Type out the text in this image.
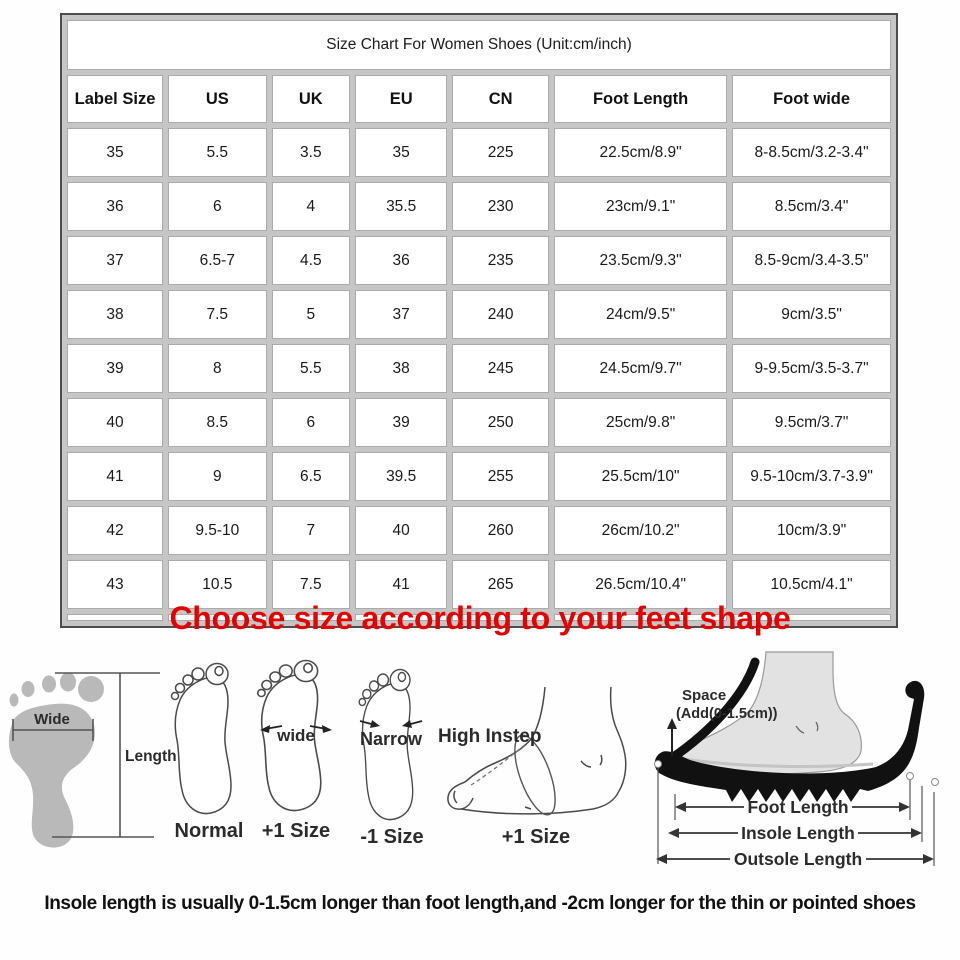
Size Chart For Women Shoes (Unit:cm/inch)						
Label Size	US	UK	EU	CN	Foot Length	Foot wide
35	5.5	3.5	35	225	22.5cm/8.9"	8-8.5cm/3.2-3.4"
36	6	4	35.5	230	23cm/9.1"	8.5cm/3.4"
37	6.5-7	4.5	36	235	23.5cm/9.3"	8.5-9cm/3.4-3.5"
38	7.5	5	37	240	24cm/9.5"	9cm/3.5"
39	8	5.5	38	245	24.5cm/9.7"	9-9.5cm/3.5-3.7"
40	8.5	6	39	250	25cm/9.8"	9.5cm/3.7"
41	9	6.5	39.5	255	25.5cm/10"	9.5-10cm/3.7-3.9"
42	9.5-10	7	40	260	26cm/10.2"	10cm/3.9"
43	10.5	7.5	41	265	26.5cm/10.4"	10.5cm/4.1"

Choose size according to your feet shape
Wide
Length
Normal
wide
+1 Size
Narrow
-1 Size
High Instep
+1 Size
Space
(Add(0-1.5cm))
Foot Length
Insole Length
Outsole Length
Insole length is usually 0-1.5cm longer than foot length,and -2cm longer for the thin or pointed shoes
